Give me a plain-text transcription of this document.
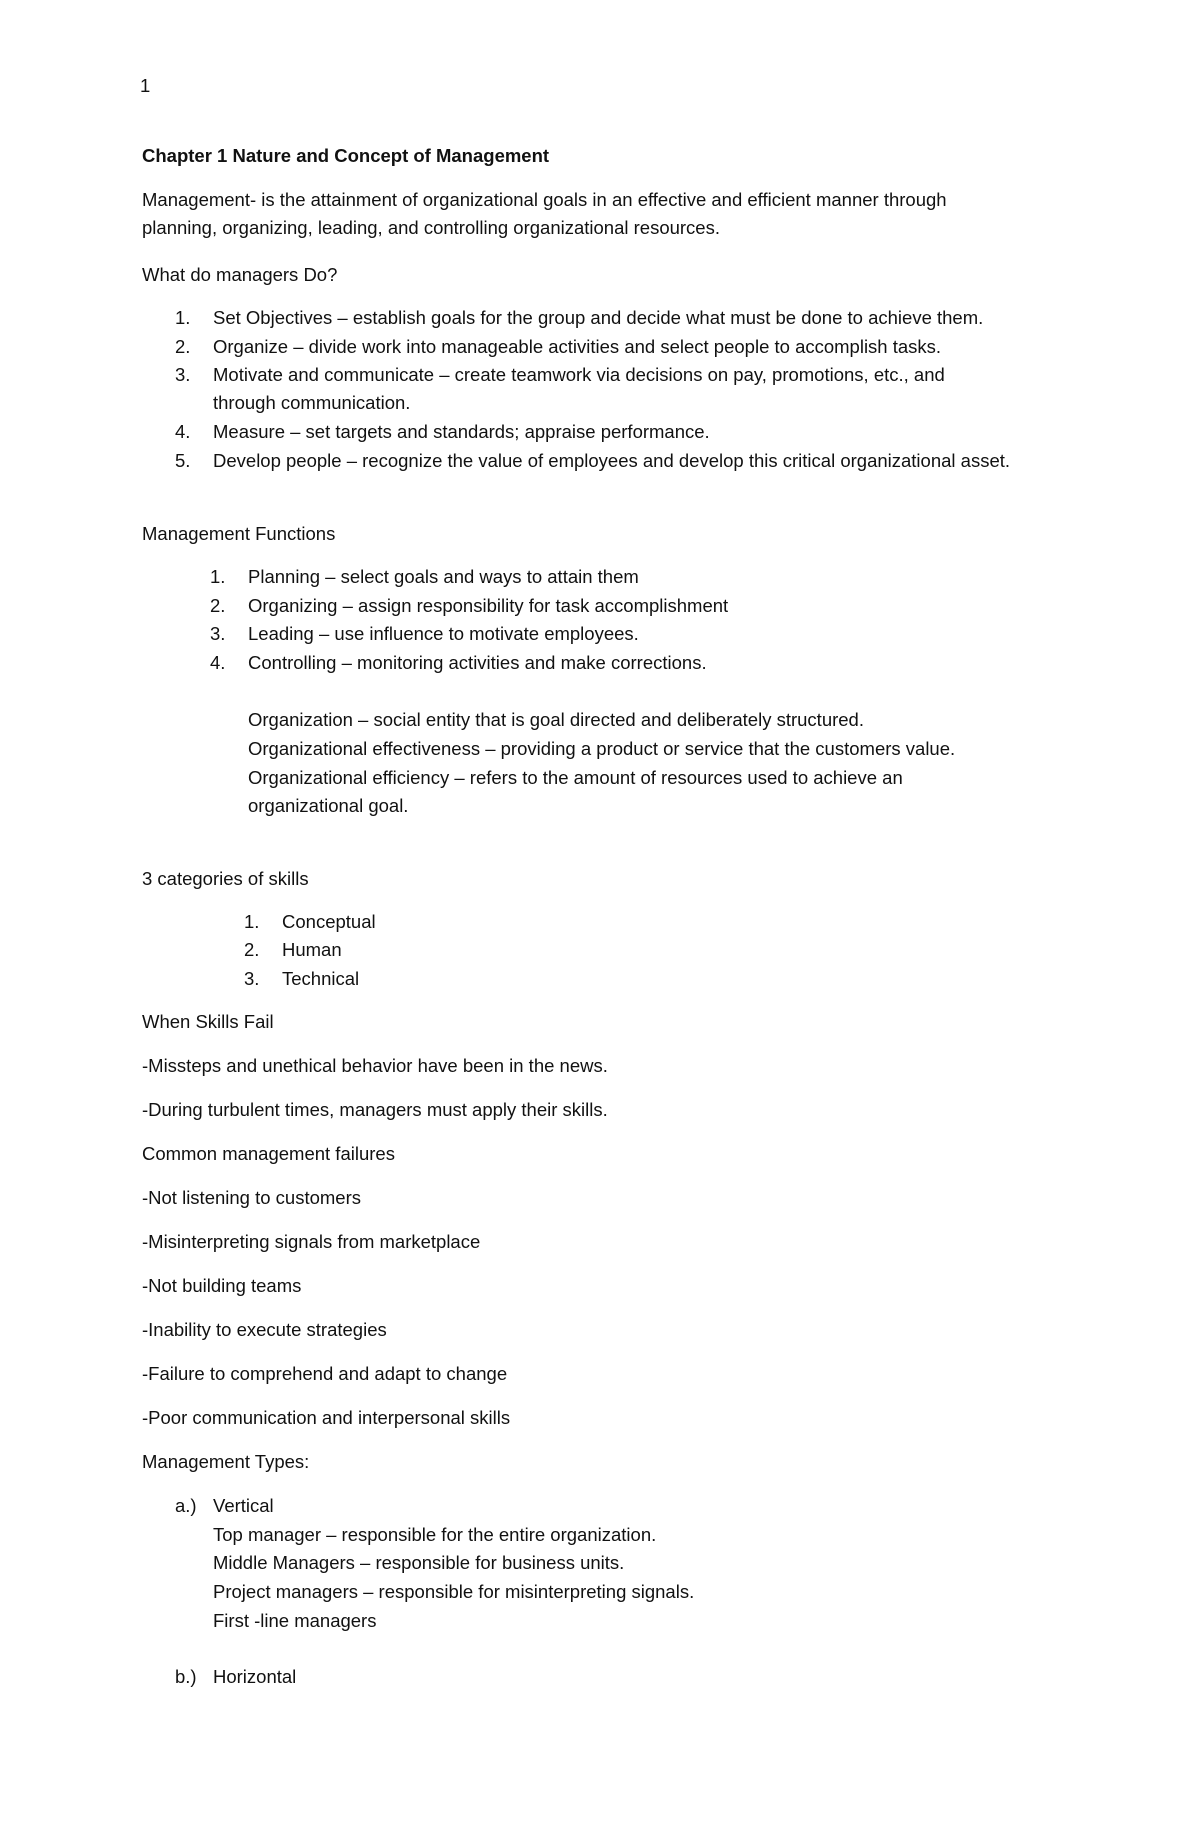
1
Chapter 1 Nature and Concept of Management
Management- is the attainment of organizational goals in an effective and efficient manner through
planning, organizing, leading, and controlling organizational resources.
What do managers Do?
1. Set Objectives – establish goals for the group and decide what must be done to achieve them.
2. Organize – divide work into manageable activities and select people to accomplish tasks.
3. Motivate and communicate – create teamwork via decisions on pay, promotions, etc., and
through communication.
4. Measure – set targets and standards; appraise performance.
5. Develop people – recognize the value of employees and develop this critical organizational asset.
Management Functions
1. Planning – select goals and ways to attain them
2. Organizing – assign responsibility for task accomplishment
3. Leading – use influence to motivate employees.
4. Controlling – monitoring activities and make corrections.
Organization – social entity that is goal directed and deliberately structured.
Organizational effectiveness – providing a product or service that the customers value.
Organizational efficiency – refers to the amount of resources used to achieve an
organizational goal.
3 categories of skills
1. Conceptual
2. Human
3. Technical
When Skills Fail
-Missteps and unethical behavior have been in the news.
-During turbulent times, managers must apply their skills.
Common management failures
-Not listening to customers
-Misinterpreting signals from marketplace
-Not building teams
-Inability to execute strategies
-Failure to comprehend and adapt to change
-Poor communication and interpersonal skills
Management Types:
a.) Vertical
Top manager – responsible for the entire organization.
Middle Managers – responsible for business units.
Project managers – responsible for misinterpreting signals.
First -line managers
b.) Horizontal
